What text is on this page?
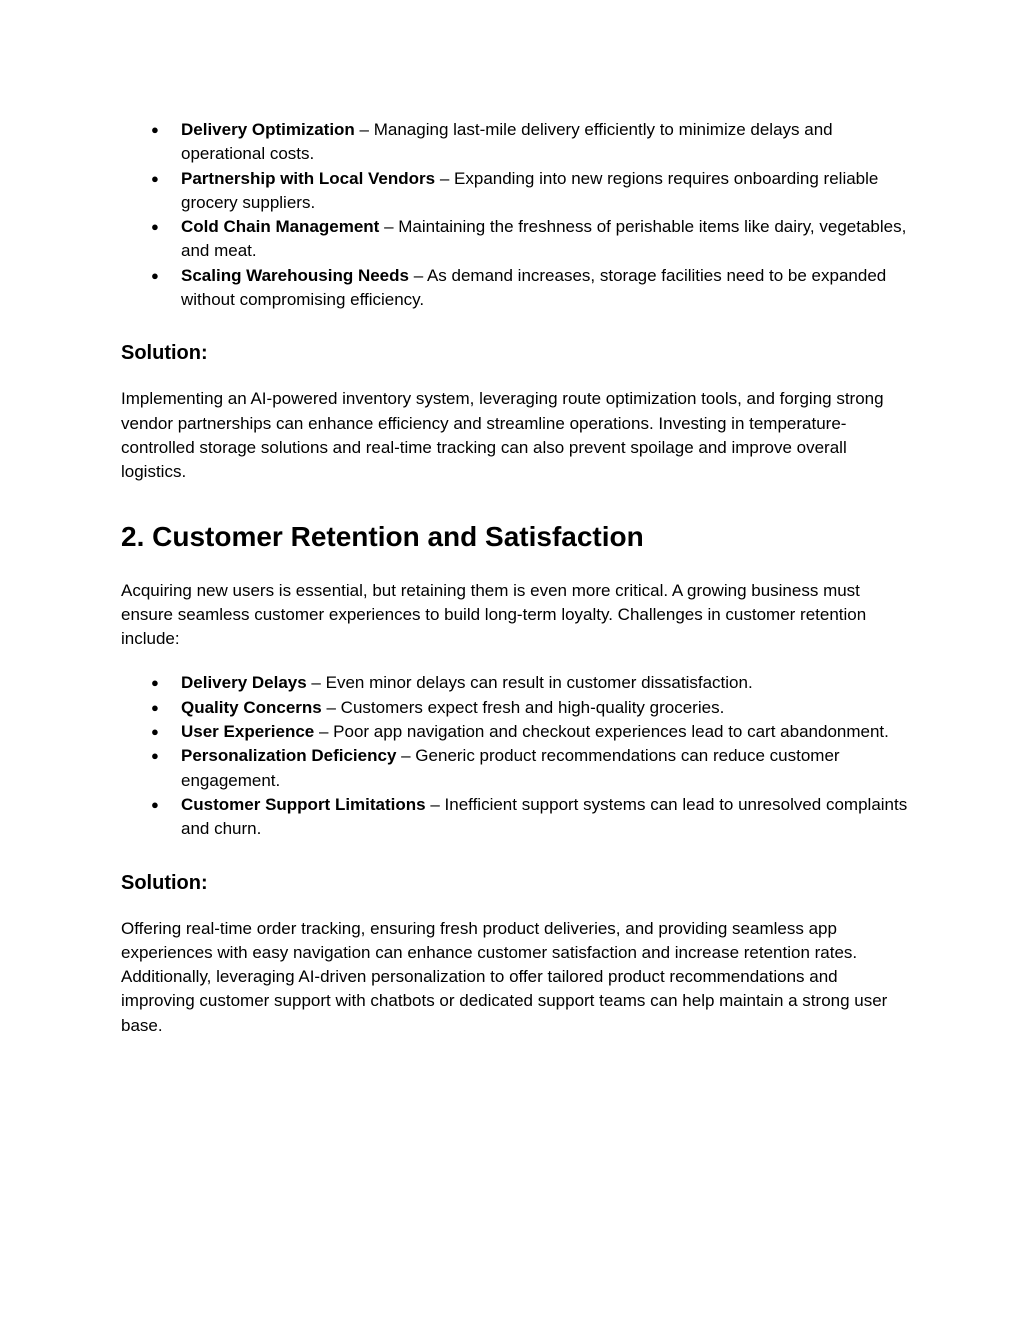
● Delivery Optimization – Managing last-mile delivery efficiently to minimize delays and operational costs.
● Partnership with Local Vendors – Expanding into new regions requires onboarding reliable grocery suppliers.
● Cold Chain Management – Maintaining the freshness of perishable items like dairy, vegetables, and meat.
● Scaling Warehousing Needs – As demand increases, storage facilities need to be expanded without compromising efficiency.
Solution:

Implementing an AI-powered inventory system, leveraging route optimization tools, and forging strong vendor partnerships can enhance efficiency and streamline operations. Investing in temperature-controlled storage solutions and real-time tracking can also prevent spoilage and improve overall logistics.

2. Customer Retention and Satisfaction

Acquiring new users is essential, but retaining them is even more critical. A growing business must ensure seamless customer experiences to build long-term loyalty. Challenges in customer retention include:

● Delivery Delays – Even minor delays can result in customer dissatisfaction.
● Quality Concerns – Customers expect fresh and high-quality groceries.
● User Experience – Poor app navigation and checkout experiences lead to cart abandonment.
● Personalization Deficiency – Generic product recommendations can reduce customer engagement.
● Customer Support Limitations – Inefficient support systems can lead to unresolved complaints and churn.
Solution:

Offering real-time order tracking, ensuring fresh product deliveries, and providing seamless app experiences with easy navigation can enhance customer satisfaction and increase retention rates. Additionally, leveraging AI-driven personalization to offer tailored product recommendations and improving customer support with chatbots or dedicated support teams can help maintain a strong user base.
